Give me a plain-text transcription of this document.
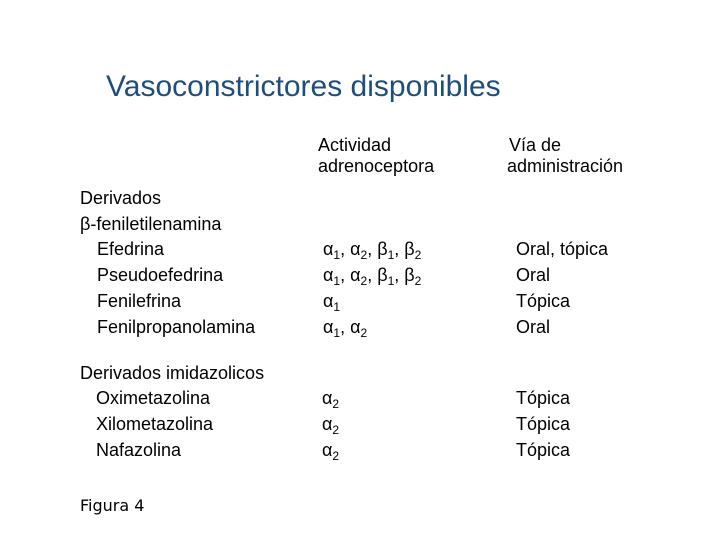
Vasoconstrictores disponibles
Actividad
adrenoceptora
Vía de
administración
Derivados
β-feniletilenamina
Efedrina	$\alpha_1$, $\alpha_2$, $\beta_1$, $\beta_2$	Oral, tópica
Pseudoefedrina	$\alpha_1$, $\alpha_2$, $\beta_1$, $\beta_2$	Oral
Fenilefrina	$\alpha_1$	Tópica
Fenilpropanolamina	$\alpha_1$, $\alpha_2$	Oral
Derivados imidazolicos
Oximetazolina	$\alpha_2$	Tópica
Xilometazolina	$\alpha_2$	Tópica
Nafazolina	$\alpha_2$	Tópica
Figura 4
